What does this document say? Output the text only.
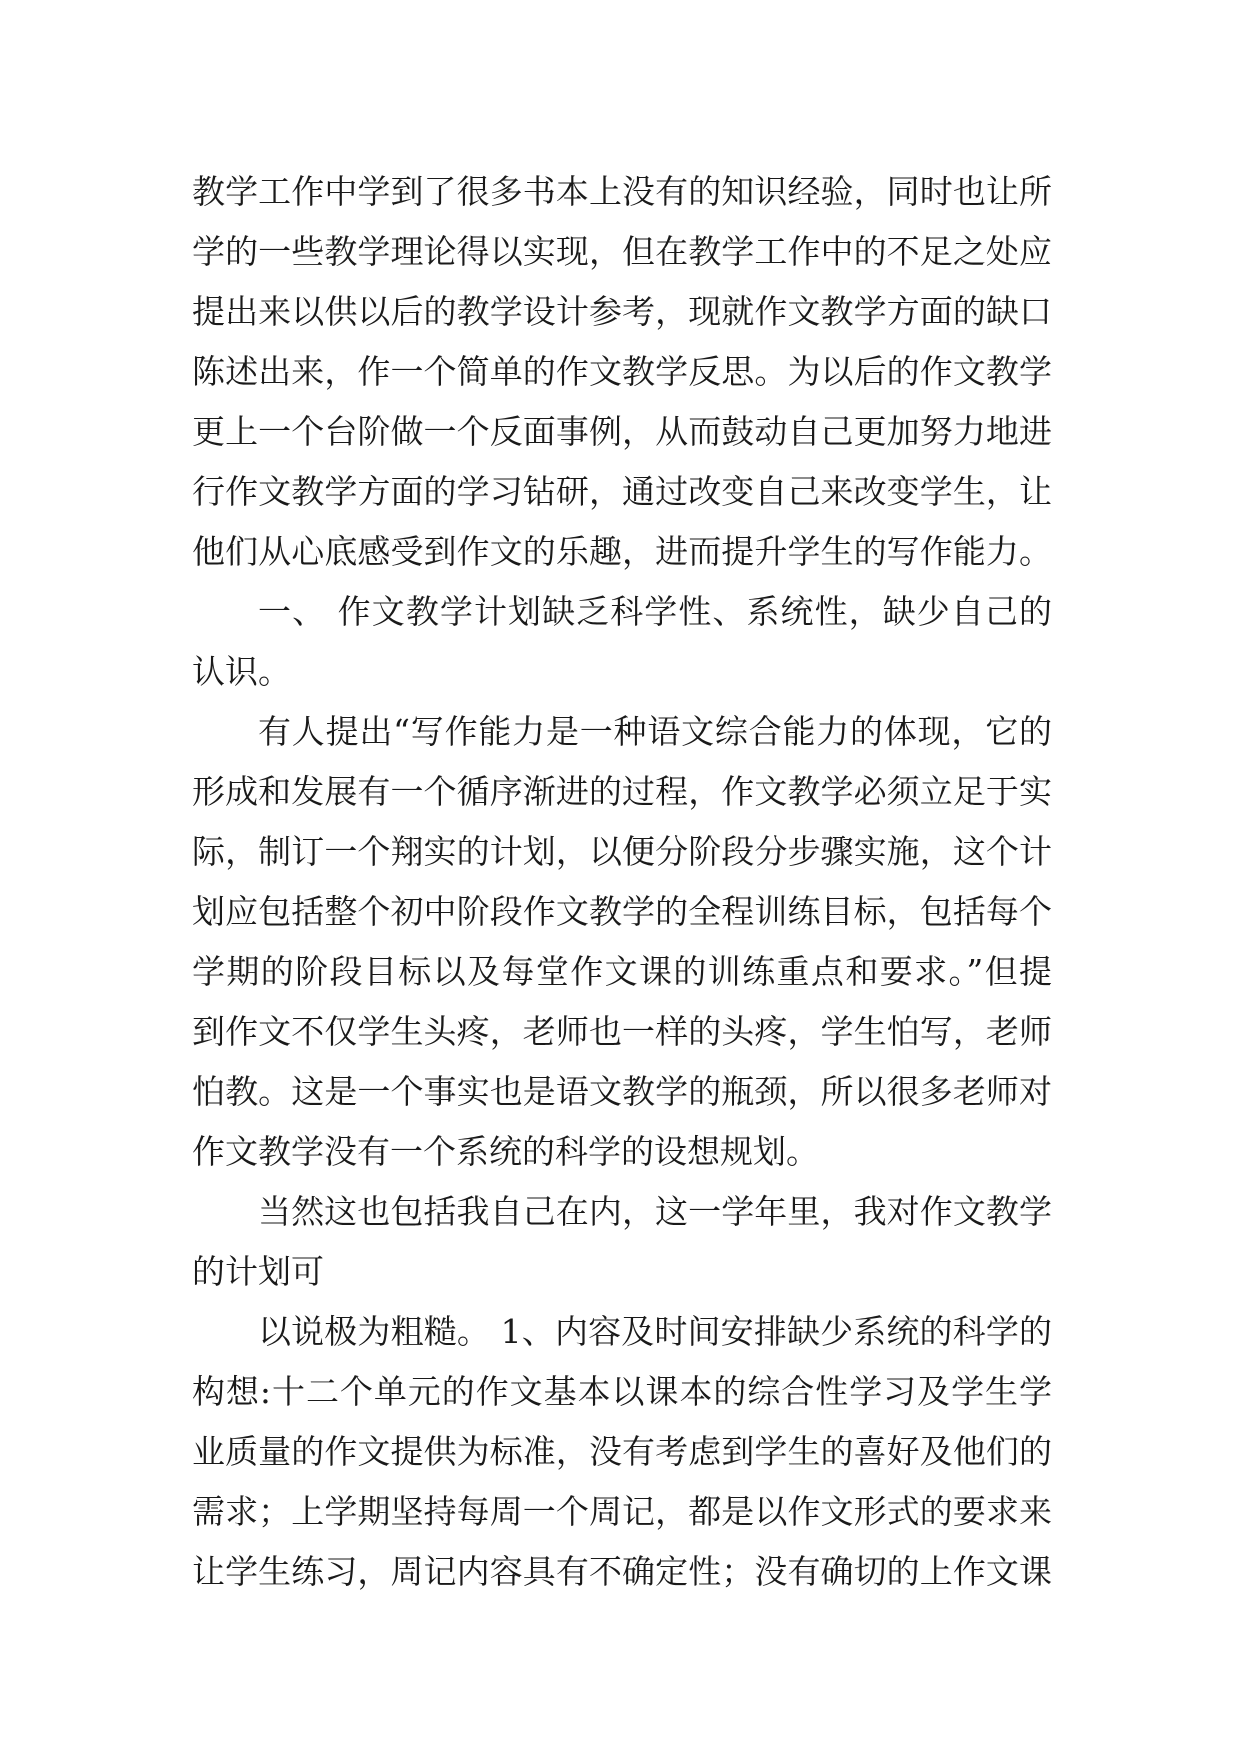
教学工作中学到了很多书本上没有的知识经验，同时也让所
学的一些教学理论得以实现，但在教学工作中的不足之处应
提出来以供以后的教学设计参考，现就作文教学方面的缺口
陈述出来，作一个简单的作文教学反思。为以后的作文教学
更上一个台阶做一个反面事例，从而鼓动自己更加努力地进
行作文教学方面的学习钻研，通过改变自己来改变学生，让
他们从心底感受到作文的乐趣，进而提升学生的写作能力。
一、 作文教学计划缺乏科学性、系统性，缺少自己的
认识。
有人提出“写作能力是一种语文综合能力的体现，它的
形成和发展有一个循序渐进的过程，作文教学必须立足于实
际，制订一个翔实的计划，以便分阶段分步骤实施，这个计
划应包括整个初中阶段作文教学的全程训练目标，包括每个
学期的阶段目标以及每堂作文课的训练重点和要求。”但提
到作文不仅学生头疼，老师也一样的头疼，学生怕写，老师
怕教。这是一个事实也是语文教学的瓶颈，所以很多老师对
作文教学没有一个系统的科学的设想规划。
当然这也包括我自己在内，这一学年里，我对作文教学
的计划可
以说极为粗糙。 1、内容及时间安排缺少系统的科学的
构想:十二个单元的作文基本以课本的综合性学习及学生学
业质量的作文提供为标准，没有考虑到学生的喜好及他们的
需求；上学期坚持每周一个周记，都是以作文形式的要求来
让学生练习，周记内容具有不确定性；没有确切的上作文课
